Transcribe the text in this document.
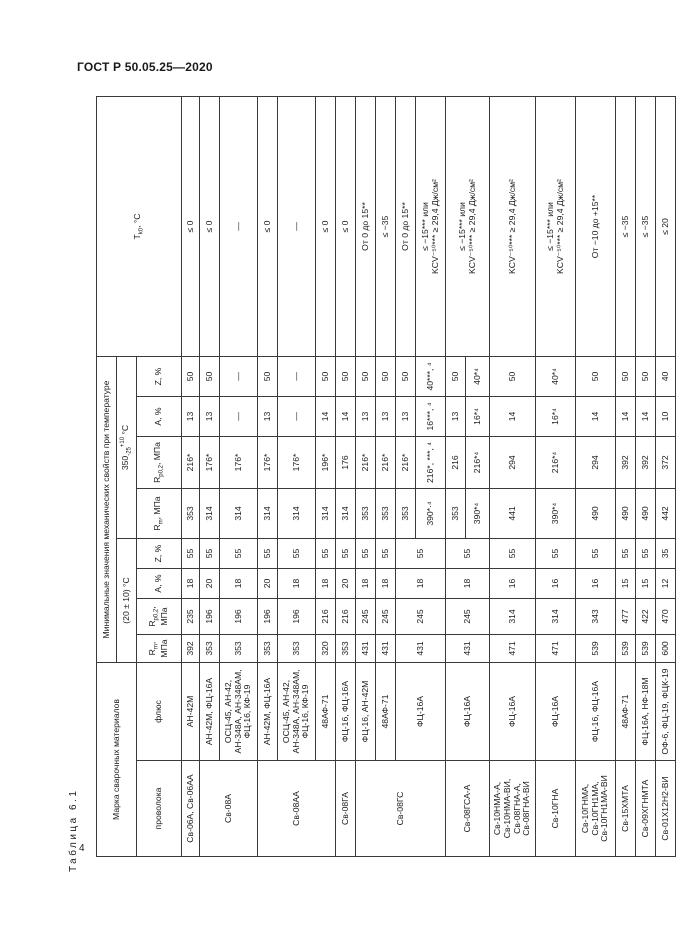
ГОСТ Р 50.05.25—2020
4
Таблица 6.1
Марка сварочных материалов		Минимальные значения механических свойств при температуре								$T_{k0}$, °С
		(20 ± 10) °С				$350_{-25}^{+10}$ °С				
проволока	флюс	$R_m$, МПа	$R_{p0,2}$, МПа	A, %	Z, %	$R_m$, МПа	$R_{p0,2}$, МПа	A, %	Z, %	
Св-06А, Св-06АА	АН-42М	392	235	18	55	353	216*	13	50	≤ 0
Св-08А	АН-42М, ФЦ-16А	353	196	20	55	314	176*	13	50	≤ 0
	ОСЦ-45, АН-42, АН-348А, АН-348АМ, ФЦ-16, КФ-19	353	196	18	55	314	176*	—	—	—
Св-08АА	АН-42М, ФЦ-16А	353	196	20	55	314	176*	13	50	≤ 0
	ОСЦ-45, АН-42, АН-348А, АН-348АМ, ФЦ-16, КФ-19	353	196	18	55	314	176*	—	—	—
	48АФ-71	320	216	18	55	314	196*	14	50	≤ 0
Св-08ГА	ФЦ-16, ФЦ-16А	353	216	20	55	314	176	14	50	≤ 0
Св-08ГС	ФЦ-16, АН-42М	431	245	18	55	353	216*	13	50	От 0 до 15**
	48АФ-71	431	245	18	55	353	216*	13	50	≤ −35
	ФЦ-16А	431	245	18	55	353	216*	13	50	От 0 до 15**
						390*·⁴	216*, ***, ⁴	16***, ⁴	40***, ⁴	≤ −15*** или KCV⁻⁵⁰*** ≥ 29,4 Дж/см²

Св-08ГСА-А	ФЦ-16А	431	245	18	55	353	216	13	50	≤ −15*** или KCV⁻⁵⁰*** ≥ 29,4 Дж/см²

						390*⁴	216*⁴	16*⁴	40*⁴	
Св-10НМА-А, Св-10НМА-ВИ, Св-08ГНА-А, Св-08ГНА-ВИ	ФЦ-16А	471	314	16	55	441	294	14	50	KCV⁻⁵⁰*** ≥ 29,4 Дж/см²
Св-10ГНА	ФЦ-16А	471	314	16	55	390*⁴	216*⁴	16*⁴	40*⁴	≤ −15*** или KCV⁻⁵⁰*** ≥ 29,4 Дж/см²

Св-10ГНМА, Св-10ГН1МА, Св-10ГН1МА-ВИ	ФЦ-16, ФЦ-16А	539	343	16	55	490	294	14	50	От −10 до +15**
Св-15ХМТА	48АФ-71	539	477	15	55	490	392	14	50	≤ −35
Св-09ХГНМТА	ФЦ-16А, НФ-18М	539	422	15	55	490	392	14	50	≤ −35
Св-01Х12Н2-ВИ	ОФ-6, ФЦ-19, ФЦК-19	600	470	12	35	442	372	10	40	≤ 20
